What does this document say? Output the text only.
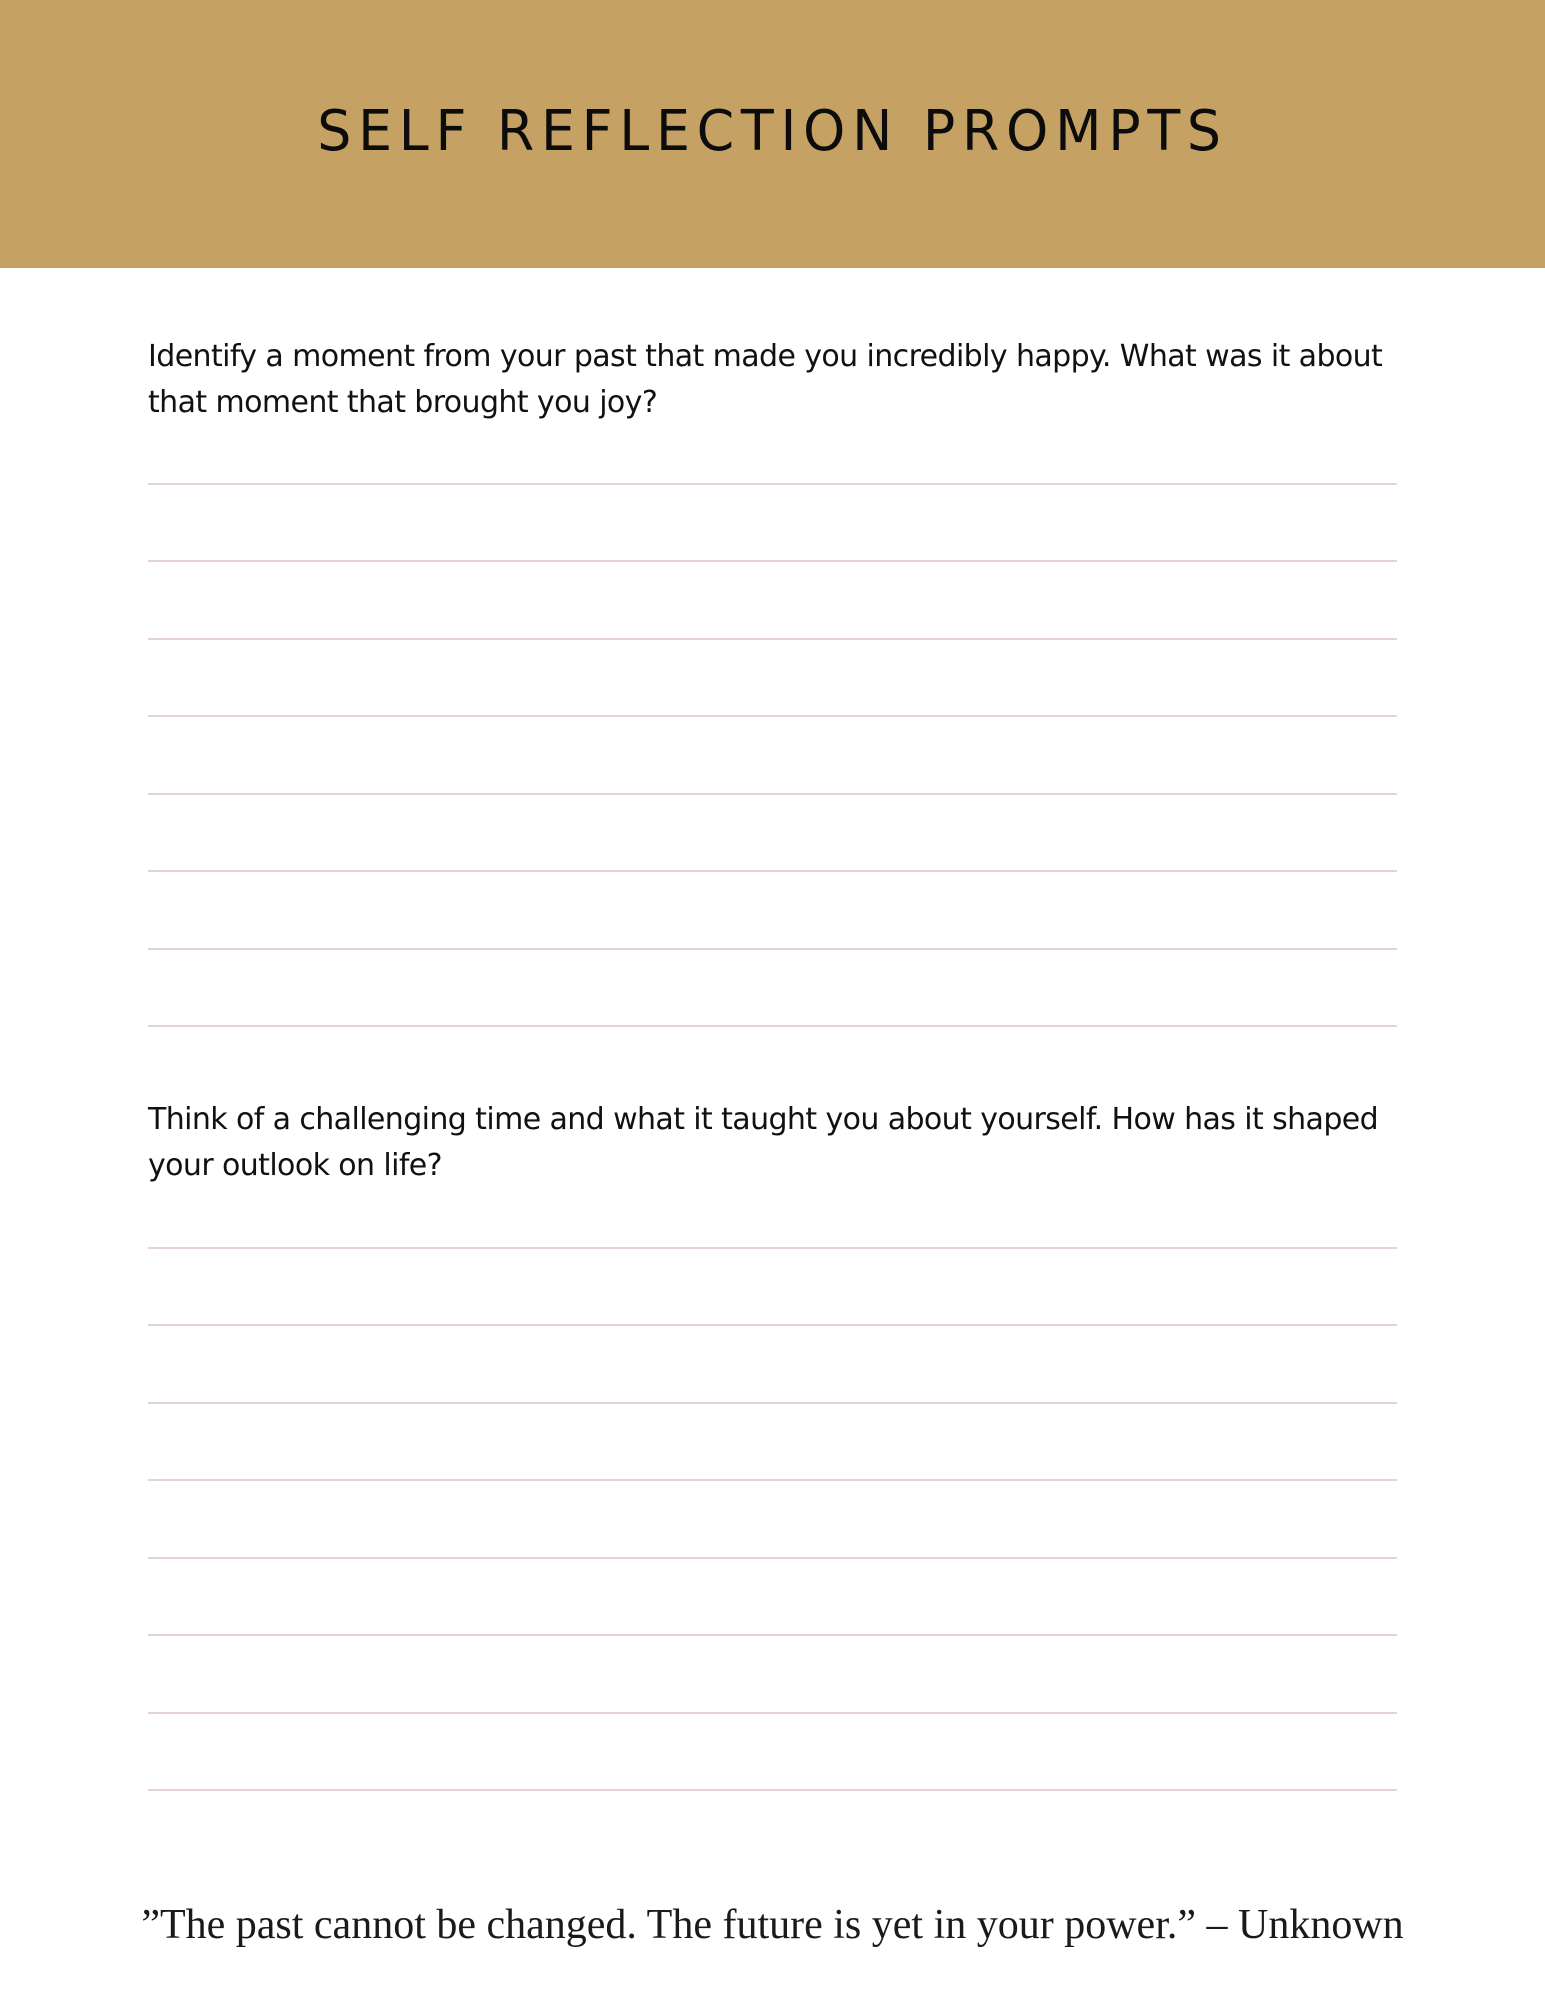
SELF REFLECTION PROMPTS
Identify a moment from your past that made you incredibly happy. What was it about that moment that brought you joy?
Think of a challenging time and what it taught you about yourself. How has it shaped your outlook on life?
”The past cannot be changed. The future is yet in your power.” – Unknown
